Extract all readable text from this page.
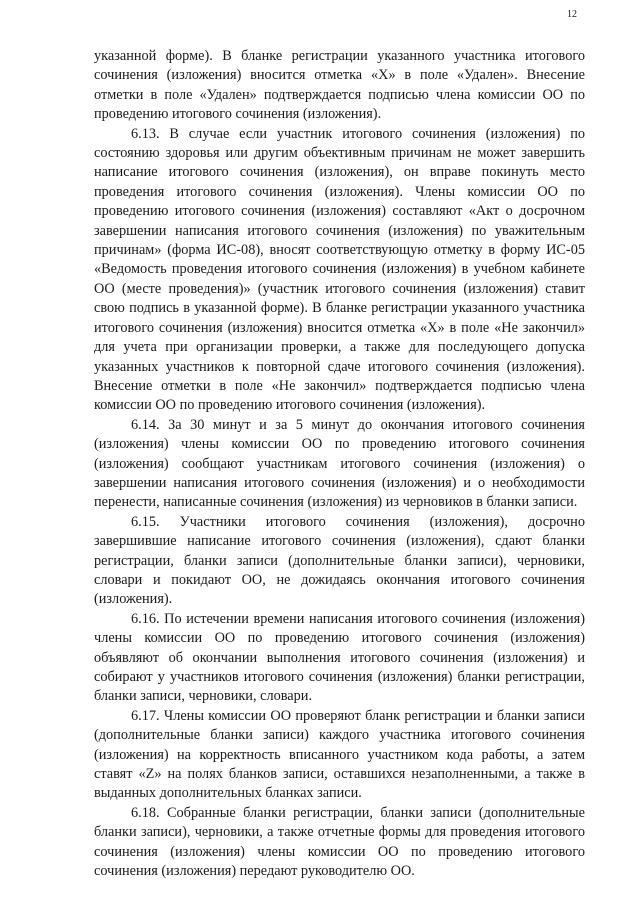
12

указанной форме). В бланке регистрации указанного участника итогового сочинения (изложения) вносится отметка «Х» в поле «Удален». Внесение отметки в поле «Удален» подтверждается подписью члена комиссии ОО по проведению итогового сочинения (изложения).

6.13. В случае если участник итогового сочинения (изложения) по состоянию здоровья или другим объективным причинам не может завершить написание итогового сочинения (изложения), он вправе покинуть место проведения итогового сочинения (изложения). Члены комиссии ОО по проведению итогового сочинения (изложения) составляют «Акт о досрочном завершении написания итогового сочинения (изложения) по уважительным причинам» (форма ИС-08), вносят соответствующую отметку в форму ИС-05 «Ведомость проведения итогового сочинения (изложения) в учебном кабинете ОО (месте проведения)» (участник итогового сочинения (изложения) ставит свою подпись в указанной форме). В бланке регистрации указанного участника итогового сочинения (изложения) вносится отметка «Х» в поле «Не закончил» для учета при организации проверки, а также для последующего допуска указанных участников к повторной сдаче итогового сочинения (изложения). Внесение отметки в поле «Не закончил» подтверждается подписью члена комиссии ОО по проведению итогового сочинения (изложения).

6.14. За 30 минут и за 5 минут до окончания итогового сочинения (изложения) члены комиссии ОО по проведению итогового сочинения (изложения) сообщают участникам итогового сочинения (изложения) о завершении написания итогового сочинения (изложения) и о необходимости перенести, написанные сочинения (изложения) из черновиков в бланки записи.

6.15. Участники итогового сочинения (изложения), досрочно завершившие написание итогового сочинения (изложения), сдают бланки регистрации, бланки записи (дополнительные бланки записи), черновики, словари и покидают ОО, не дожидаясь окончания итогового сочинения (изложения).

6.16. По истечении времени написания итогового сочинения (изложения) члены комиссии ОО по проведению итогового сочинения (изложения) объявляют об окончании выполнения итогового сочинения (изложения) и собирают у участников итогового сочинения (изложения) бланки регистрации, бланки записи, черновики, словари.

6.17. Члены комиссии ОО проверяют бланк регистрации и бланки записи (дополнительные бланки записи) каждого участника итогового сочинения (изложения) на корректность вписанного участником кода работы, а затем ставят «Z» на полях бланков записи, оставшихся незаполненными, а также в выданных дополнительных бланках записи.

6.18. Собранные бланки регистрации, бланки записи (дополнительные бланки записи), черновики, а также отчетные формы для проведения итогового сочинения (изложения) члены комиссии ОО по проведению итогового сочинения (изложения) передают руководителю ОО.
